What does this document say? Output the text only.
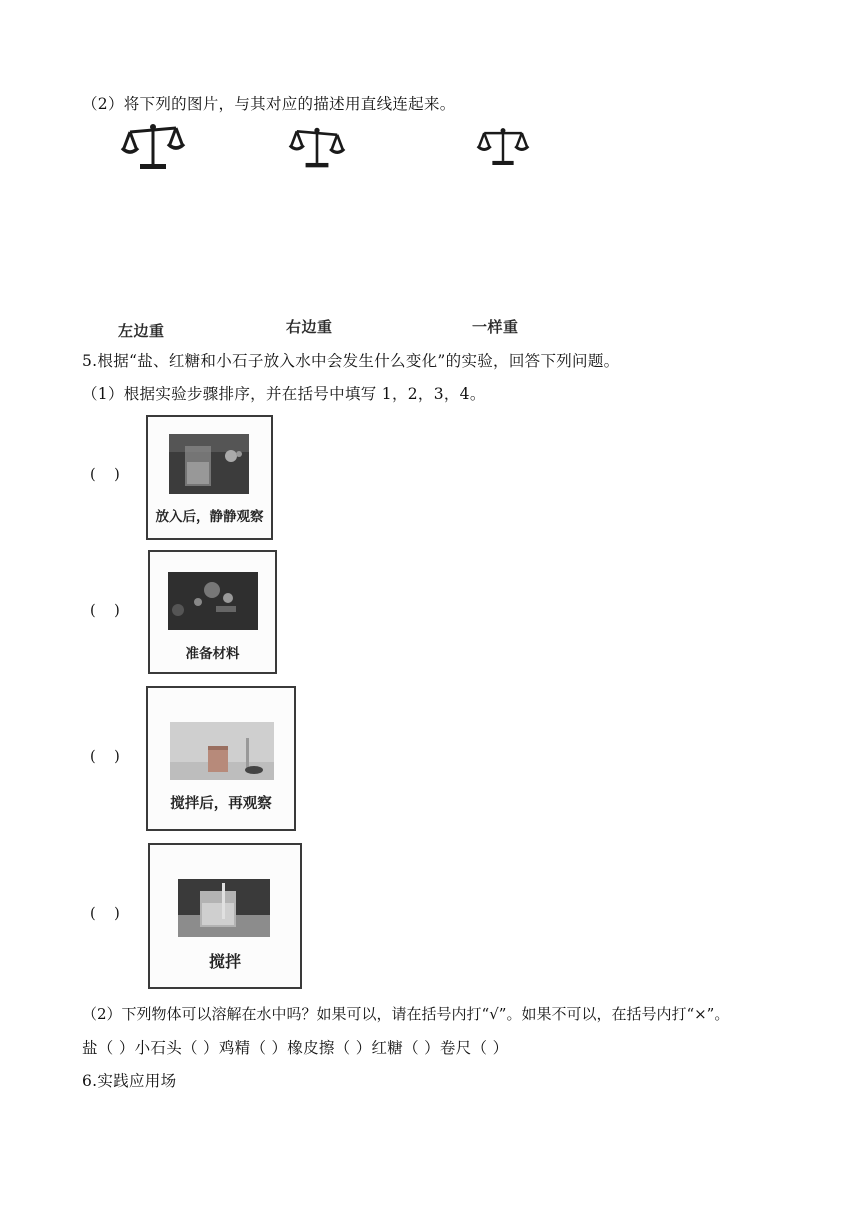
（2）将下列的图片，与其对应的描述用直线连起来。
左边重	右边重	一样重
5.根据“盐、红糖和小石子放入水中会发生什么变化”的实验，回答下列问题。
（1）根据实验步骤排序，并在括号中填写 1，2，3，4。
(    )
放入后，静静观察
(    )
准备材料
(    )
搅拌后，再观察
(    )
搅拌
（2）下列物体可以溶解在水中吗？如果可以，请在括号内打“√”。如果不可以，在括号内打“×”。
盐（ ）小石头（ ）鸡精（ ）橡皮擦（ ）红糖（ ）卷尺（ ）
6.实践应用场
